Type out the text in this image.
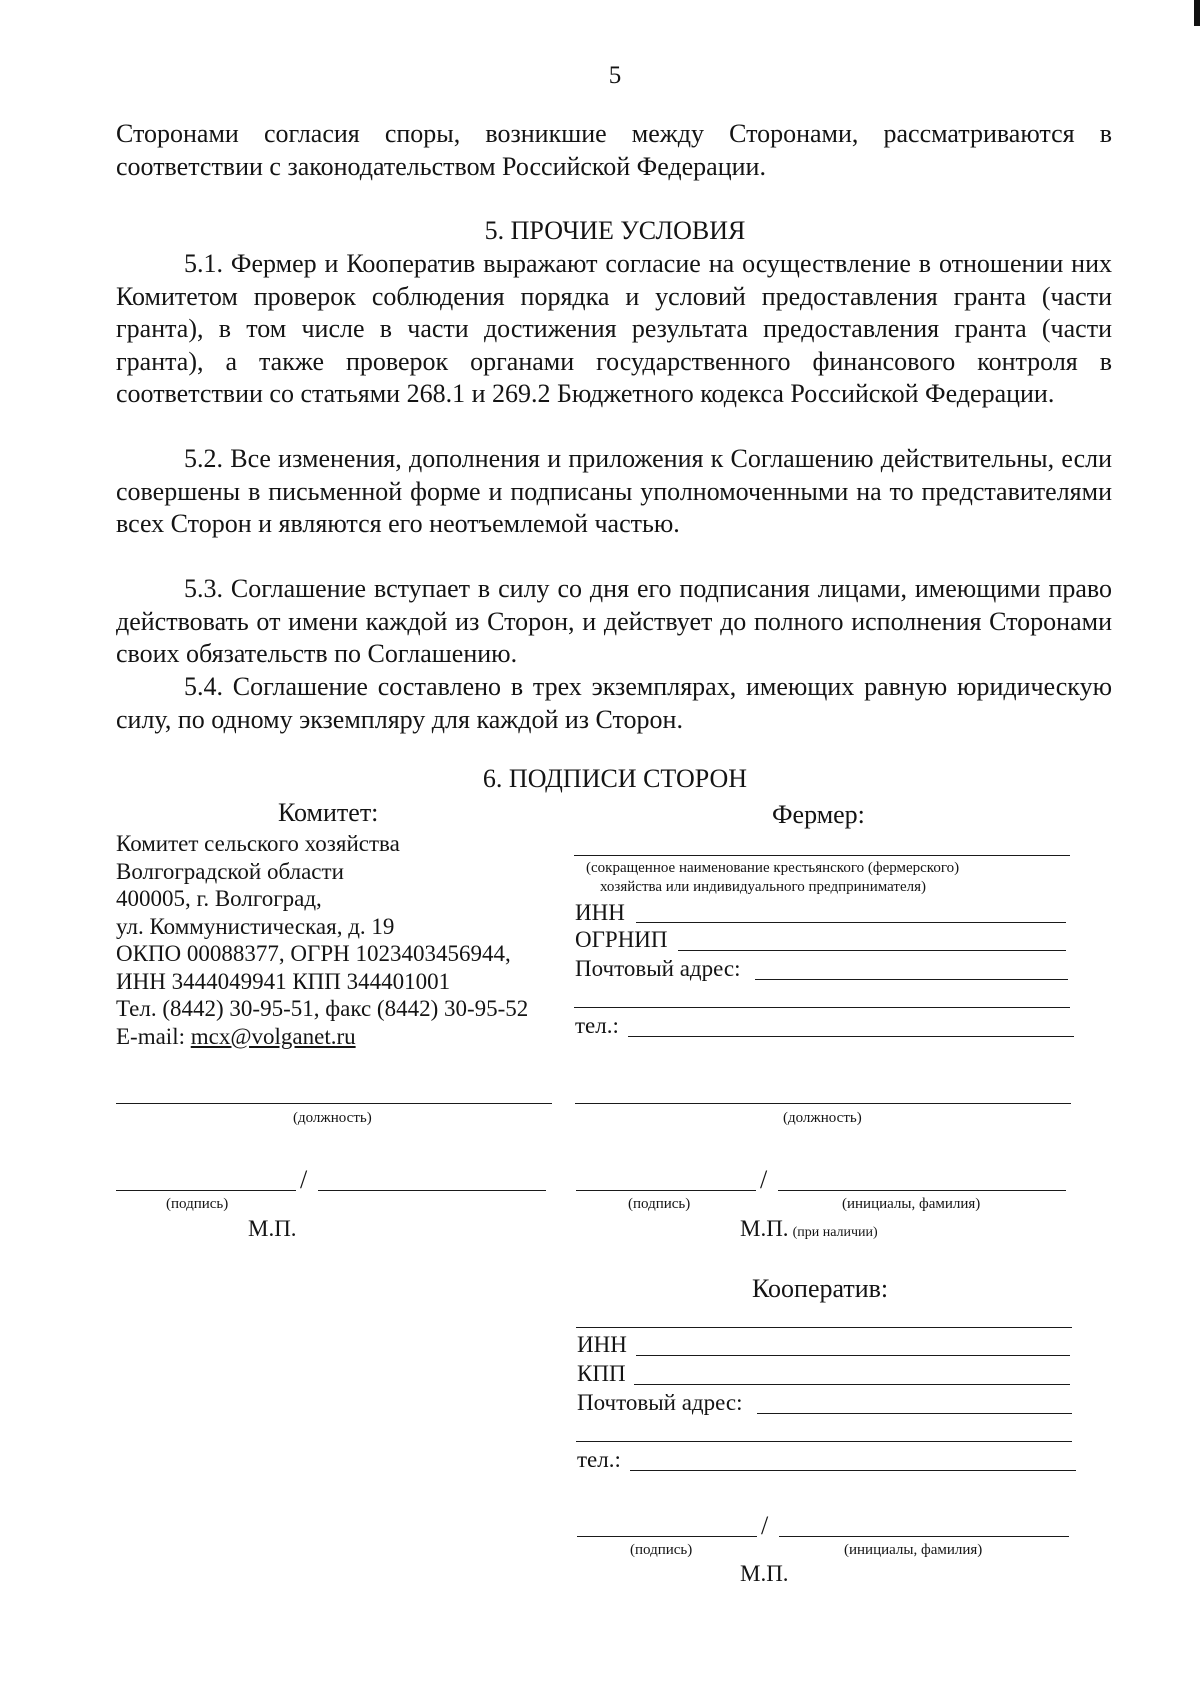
5
Сторонами согласия споры, возникшие между Сторонами, рассматриваются в соответствии с законодательством Российской Федерации.
5. ПРОЧИЕ УСЛОВИЯ
5.1. Фермер и Кооператив выражают согласие на осуществление в отношении них Комитетом проверок соблюдения порядка и условий предоставления гранта (части гранта), в том числе в части достижения результата предоставления гранта (части гранта), а также проверок органами государственного финансового контроля в соответствии со статьями 268.1 и 269.2 Бюджетного кодекса Российской Федерации.
5.2. Все изменения, дополнения и приложения к Соглашению действительны, если совершены в письменной форме и подписаны уполномоченными на то представителями всех Сторон и являются его неотъемлемой частью.
5.3. Соглашение вступает в силу со дня его подписания лицами, имеющими право действовать от имени каждой из Сторон, и действует до полного исполнения Сторонами своих обязательств по Соглашению.
5.4. Соглашение составлено в трех экземплярах, имеющих равную юридическую силу, по одному экземпляру для каждой из Сторон.
6. ПОДПИСИ СТОРОН
Комитет:
Комитет сельского хозяйства
Волгоградской области
400005, г. Волгоград,
ул. Коммунистическая, д. 19
ОКПО 00088377, ОГРН 1023403456944,
ИНН 3444049941 КПП 344401001
Тел. (8442) 30-95-51, факс (8442) 30-95-52
E-mail: mcx@volganet.ru
(должность)
/
(подпись)
М.П.
Фермер:
(сокращенное наименование крестьянского (фермерского)
хозяйства или индивидуального предпринимателя)
ИНН
ОГРНИП
Почтовый адрес:
тел.:
(должность)
/
(подпись)	(инициалы, фамилия)
М.П. (при наличии)
Кооператив:
ИНН
КПП
Почтовый адрес:
тел.:
/
(подпись)	(инициалы, фамилия)
М.П.
